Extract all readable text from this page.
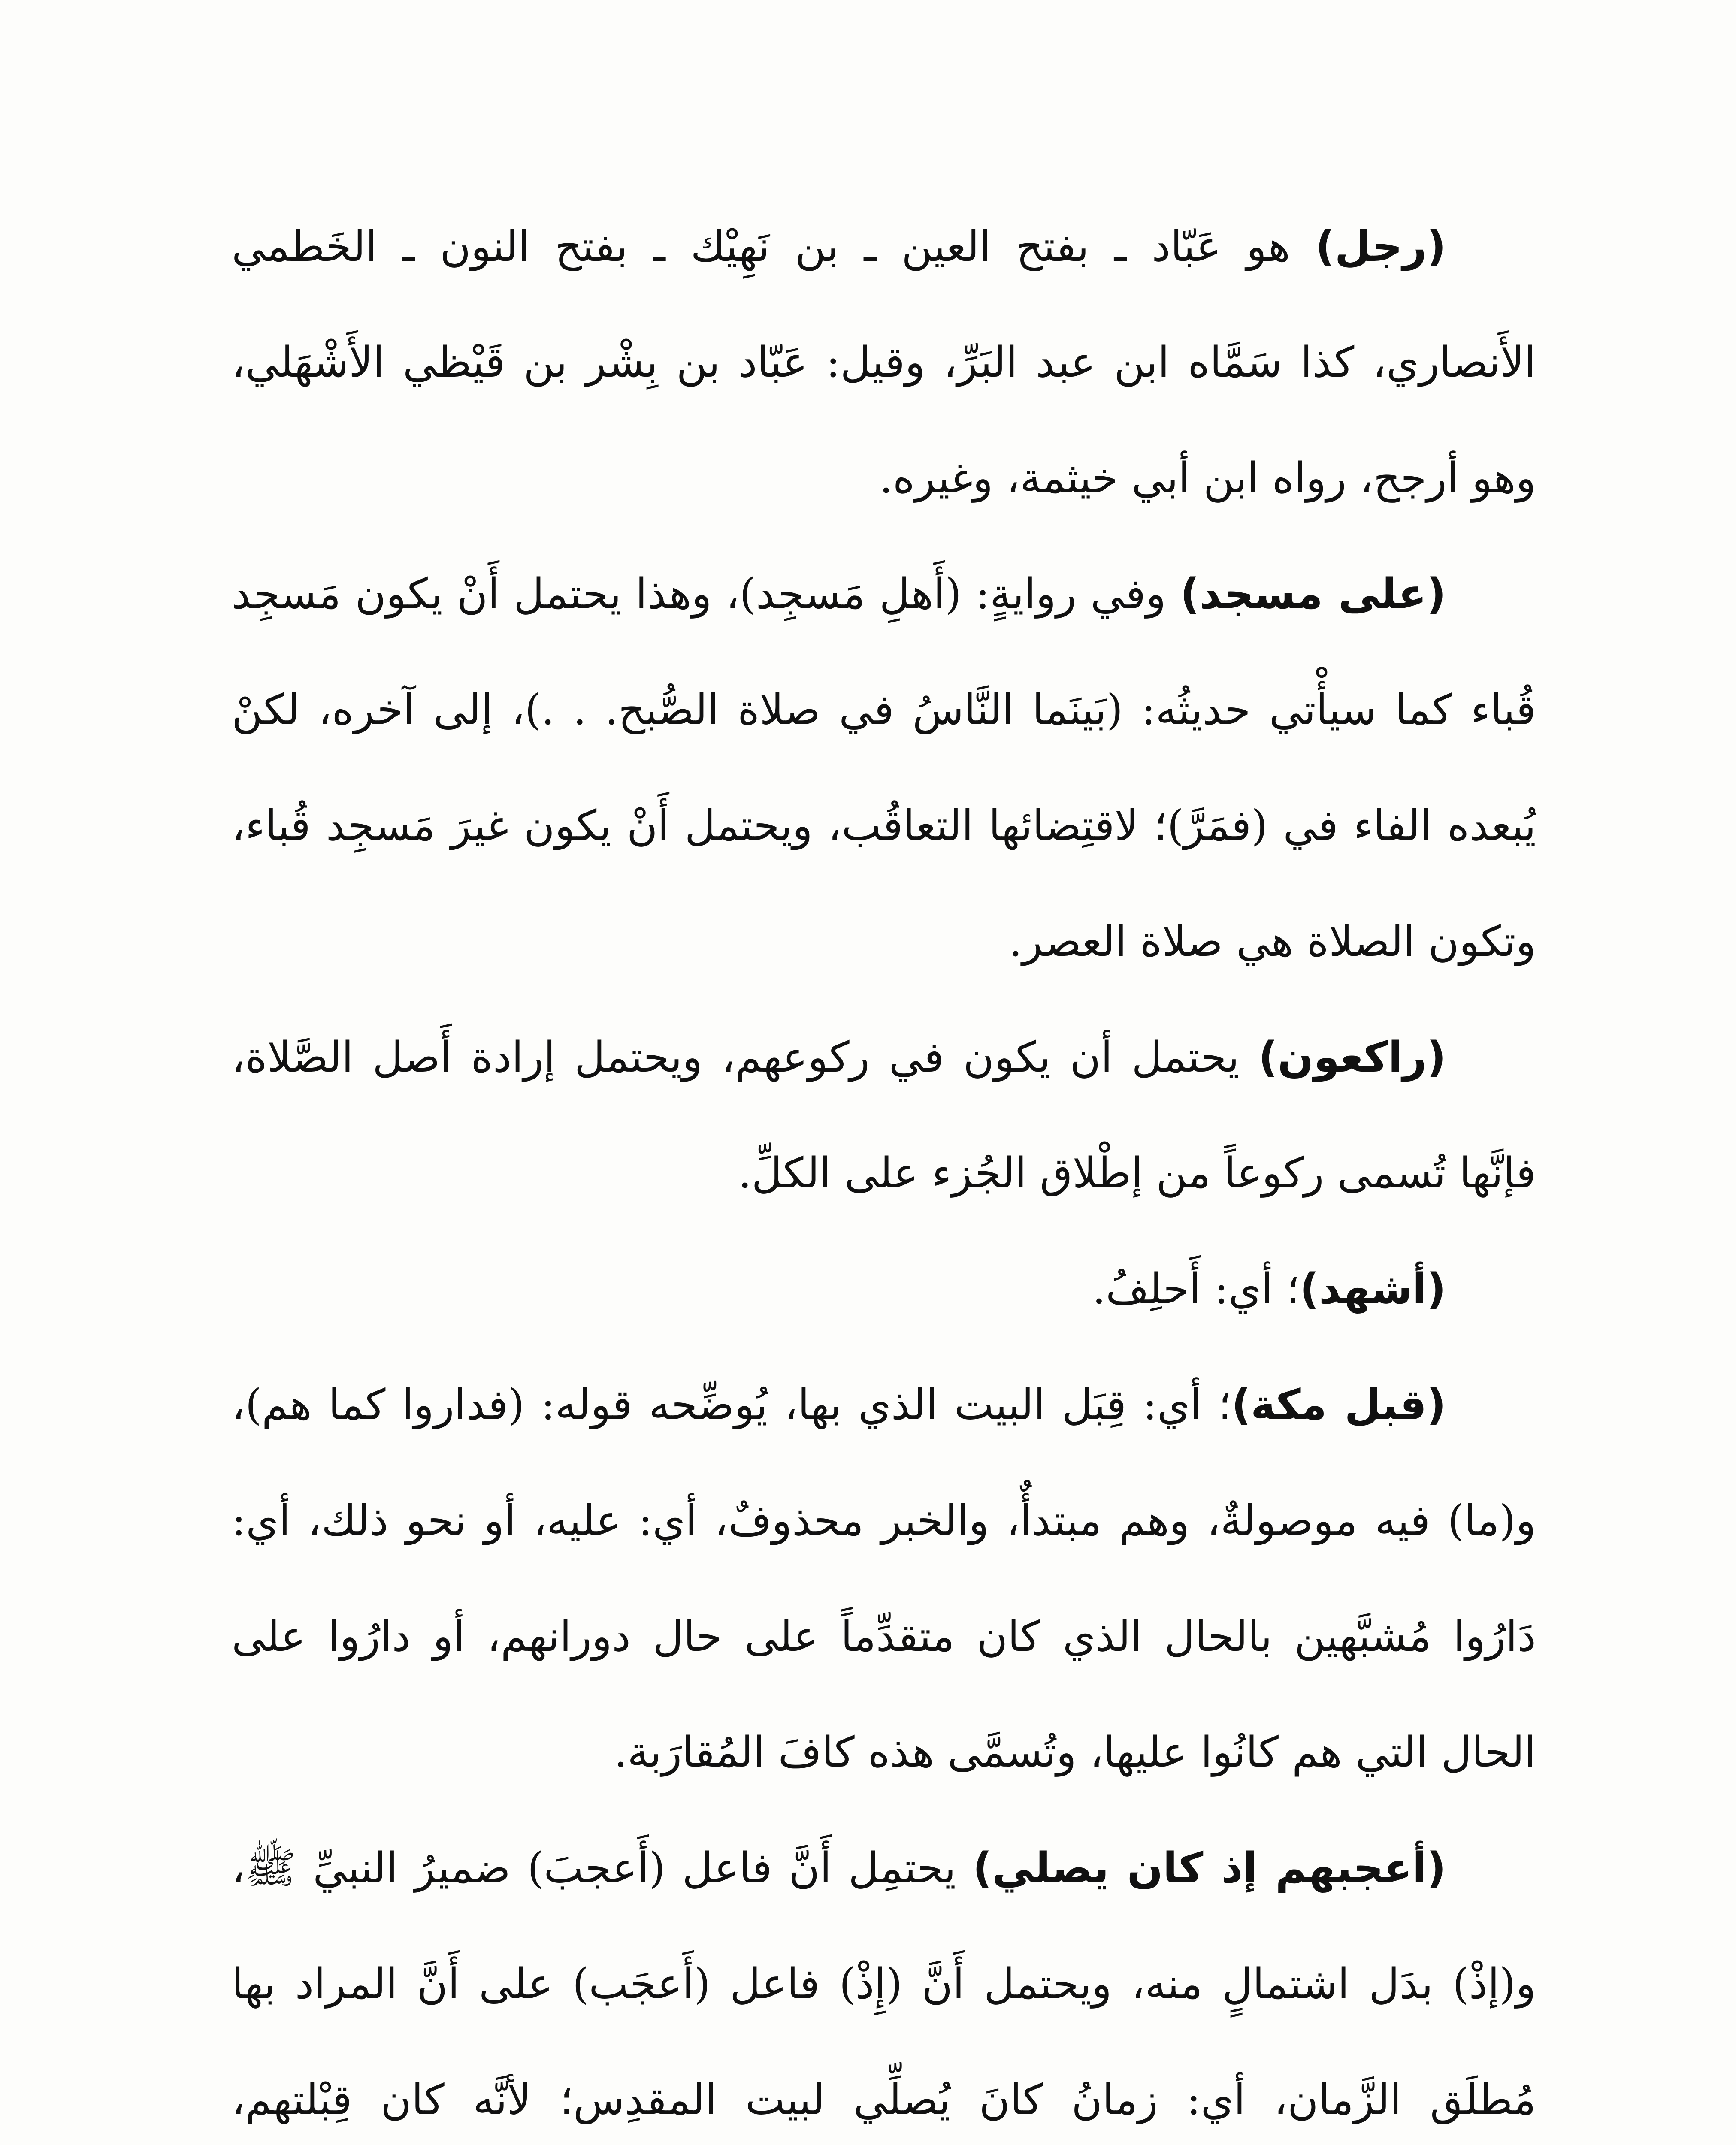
(رجل) هو عَبّاد ـ بفتح العين ـ بن نَهِيْك ـ بفتح النون ـ الخَطمي الأَنصاري، كذا سَمَّاه ابن عبد البَرِّ، وقيل: عَبّاد بن بِشْر بن قَيْظي الأَشْهَلي، وهو أرجح، رواه ابن أبي خيثمة، وغيره.

(على مسجد) وفي روايةٍ: (أَهلِ مَسجِد)، وهذا يحتمل أَنْ يكون مَسجِد قُباء كما سيأْتي حديثُه: (بَينَما النَّاسُ في صلاة الصُّبح. . .)، إلى آخره، لكنْ يُبعده الفاء في (فمَرَّ)؛ لاقتِضائها التعاقُب، ويحتمل أَنْ يكون غيرَ مَسجِد قُباء، وتكون الصلاة هي صلاة العصر.

(راكعون) يحتمل أن يكون في ركوعهم، ويحتمل إرادة أَصل الصَّلاة، فإنَّها تُسمى ركوعاً من إطْلاق الجُزء على الكلِّ.

(أشهد)؛ أي: أَحلِفُ.

(قبل مكة)؛ أي: قِبَل البيت الذي بها، يُوضِّحه قوله: (فداروا كما هم)، و(ما) فيه موصولةٌ، وهم مبتدأٌ، والخبر محذوفٌ، أي: عليه، أو نحو ذلك، أي: دَارُوا مُشبَّهين بالحال الذي كان متقدِّماً على حال دورانهم، أو دارُوا على الحال التي هم كانُوا عليها، وتُسمَّى هذه كافَ المُقارَبة.

(أعجبهم إذ كان يصلي) يحتمِل أَنَّ فاعل (أَعجبَ) ضميرُ النبيِّ ﷺ، و(إذْ) بدَل اشتمالٍ منه، ويحتمل أَنَّ (إِذْ) فاعل (أَعجَب) على أَنَّ المراد بها مُطلَق الزَّمان، أي: زمانُ كانَ يُصلِّي لبيت المقدِس؛ لأنَّه كان قِبْلتهم،
